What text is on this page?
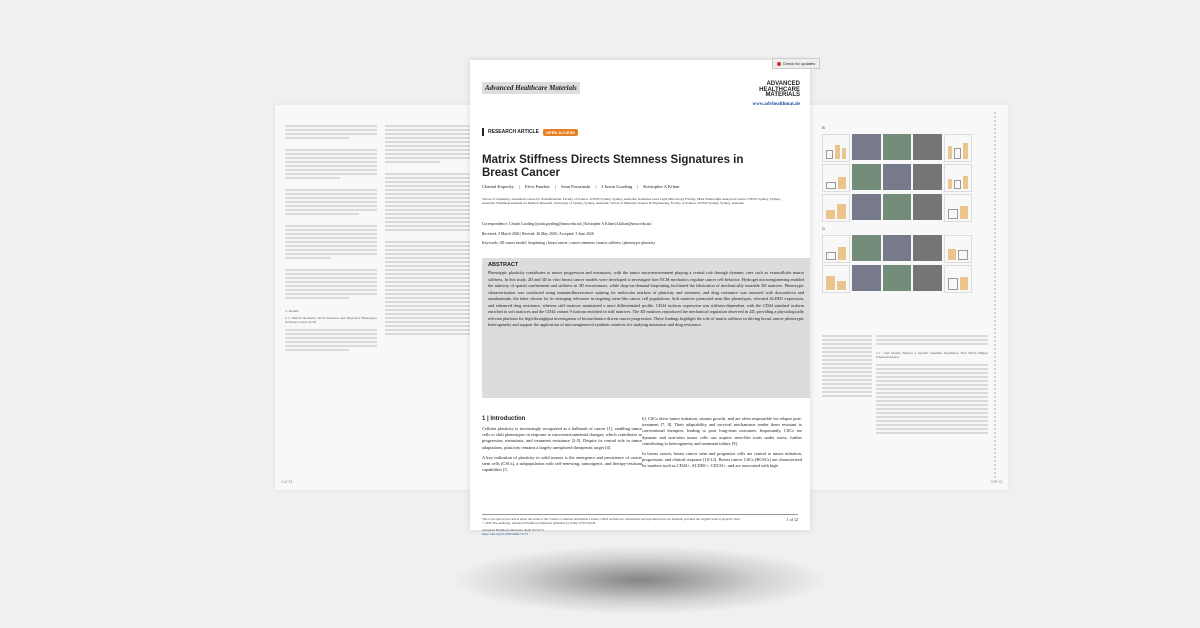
2 | Results
2.1 | Matrix Mechanics Drive Stemness and Migratory Phenotypes in Breast Cancer in 2D
2 of 12
B
D
2.1 | Soft Matrix Induces a Specific Stemlike Population That Elicits Higher Chemoresistance
3 of 12
Check for updates
Advanced Healthcare Materials	ADVANCED
HEALTHCARE
MATERIALS
www.advhealthmat.de
RESEARCH ARTICLE	OPEN ACCESS
Matrix Stiffness Directs Stemness Signatures in Breast Cancer
Chantal Kopecky | Elvis Pandzic | Sean Porazinski | J Justin Gooding | Kristopher A Kilian
School of Chemistry, Australian Centre for NanoMedicine, Faculty of Science, UNSW Sydney, Sydney, Australia; Katharina Gaus Light Microscopy Facility, Mark Wainwright Analytical Centre, UNSW Sydney, Sydney, Australia; Westmead Institute for Medical Research, University of Sydney, Sydney, Australia; School of Materials Science & Engineering, Faculty of Science, UNSW Sydney, Sydney, Australia
Correspondence: J Justin Gooding (justin.gooding@unsw.edu.au) | Kristopher A Kilian (k.kilian@unsw.edu.au)
Received: 3 March 2026 | Revised: 26 May 2026 | Accepted: 3 June 2026
Keywords: 3D cancer model | bioprinting | breast cancer | cancer stemness | matrix stiffness | phenotypic plasticity
ABSTRACT
Phenotypic plasticity contributes to tumor progression and metastasis, with the tumor microenvironment playing a central role through dynamic cues such as extracellular matrix stiffness. In this study, 2D and 3D in vitro breast cancer models were developed to investigate how ECM mechanics regulate cancer cell behavior. Hydrogel microengineering enabled the mimicry of spatial confinement and stiffness in 3D microtumors, while drop-on-demand bioprinting facilitated the fabrication of mechanically tuneable 3D matrices. Phenotypic characterization was conducted using immunofluorescence staining for molecular markers of plasticity and stemness, and drug resistance was assessed with doxorubicin and enzalutamide, the latter chosen for its emerging relevance in targeting stem-like cancer cell populations. Soft matrices promoted stem-like phenotypes, elevated ALDH1 expression, and enhanced drug resistance, whereas stiff matrices maintained a more differentiated profile. CD44 isoform expression was stiffness-dependent, with the CD44 standard isoform enriched in soft matrices and the CD44 variant 9 isoform enriched in stiff matrices. The 3D matrices reproduced the mechanical regulation observed in 2D, providing a physiologically relevant platform for high-throughput investigation of biomechanics-driven cancer progression. These findings highlight the role of matrix stiffness in driving breast cancer phenotypic heterogeneity and support the application of microengineered synthetic matrices for studying metastasis and drug resistance.
1 | Introduction
Cellular plasticity is increasingly recognized as a hallmark of cancer [1], enabling tumor cells to shift phenotypes in response to microenvironmental changes, which contributes to progression, metastasis, and treatment resistance [2-5]. Despite its central role in tumor adaptations, plasticity remains a largely unexplored therapeutic target [4].
A key indication of plasticity in solid tumors is the emergence and persistence of cancer stem cells (CSCs), a subpopulation with self-renewing, tumorigenic, and therapy-resistant capabilities [5,
6]. CSCs drive tumor initiation, sustain growth, and are often responsible for relapse post-treatment [7, 8]. Their adaptability and survival mechanisms render them resistant to conventional therapies, leading to poor long-term outcomes. Importantly, CSCs are dynamic and non-stem tumor cells can acquire stem-like traits under stress, further contributing to heterogeneity and treatment failure [9].
In breast cancer, breast cancer stem and progenitor cells are central to tumor initiation, progression, and clinical response [10-12]. Breast cancer CSCs (BCSCs) are characterized by markers such as CD44+, ALDH1+, CD133+, and are associated with high
This is an open access article under the terms of the Creative Commons Attribution License, which permits use, distribution and reproduction in any medium, provided the original work is properly cited.
© 2026 The Author(s). Advanced Healthcare Materials published by Wiley-VCH GmbH.
Advanced Healthcare Materials, 2026; 0:e71173
https://doi.org/10.1002/adhm.71173
1 of 12
